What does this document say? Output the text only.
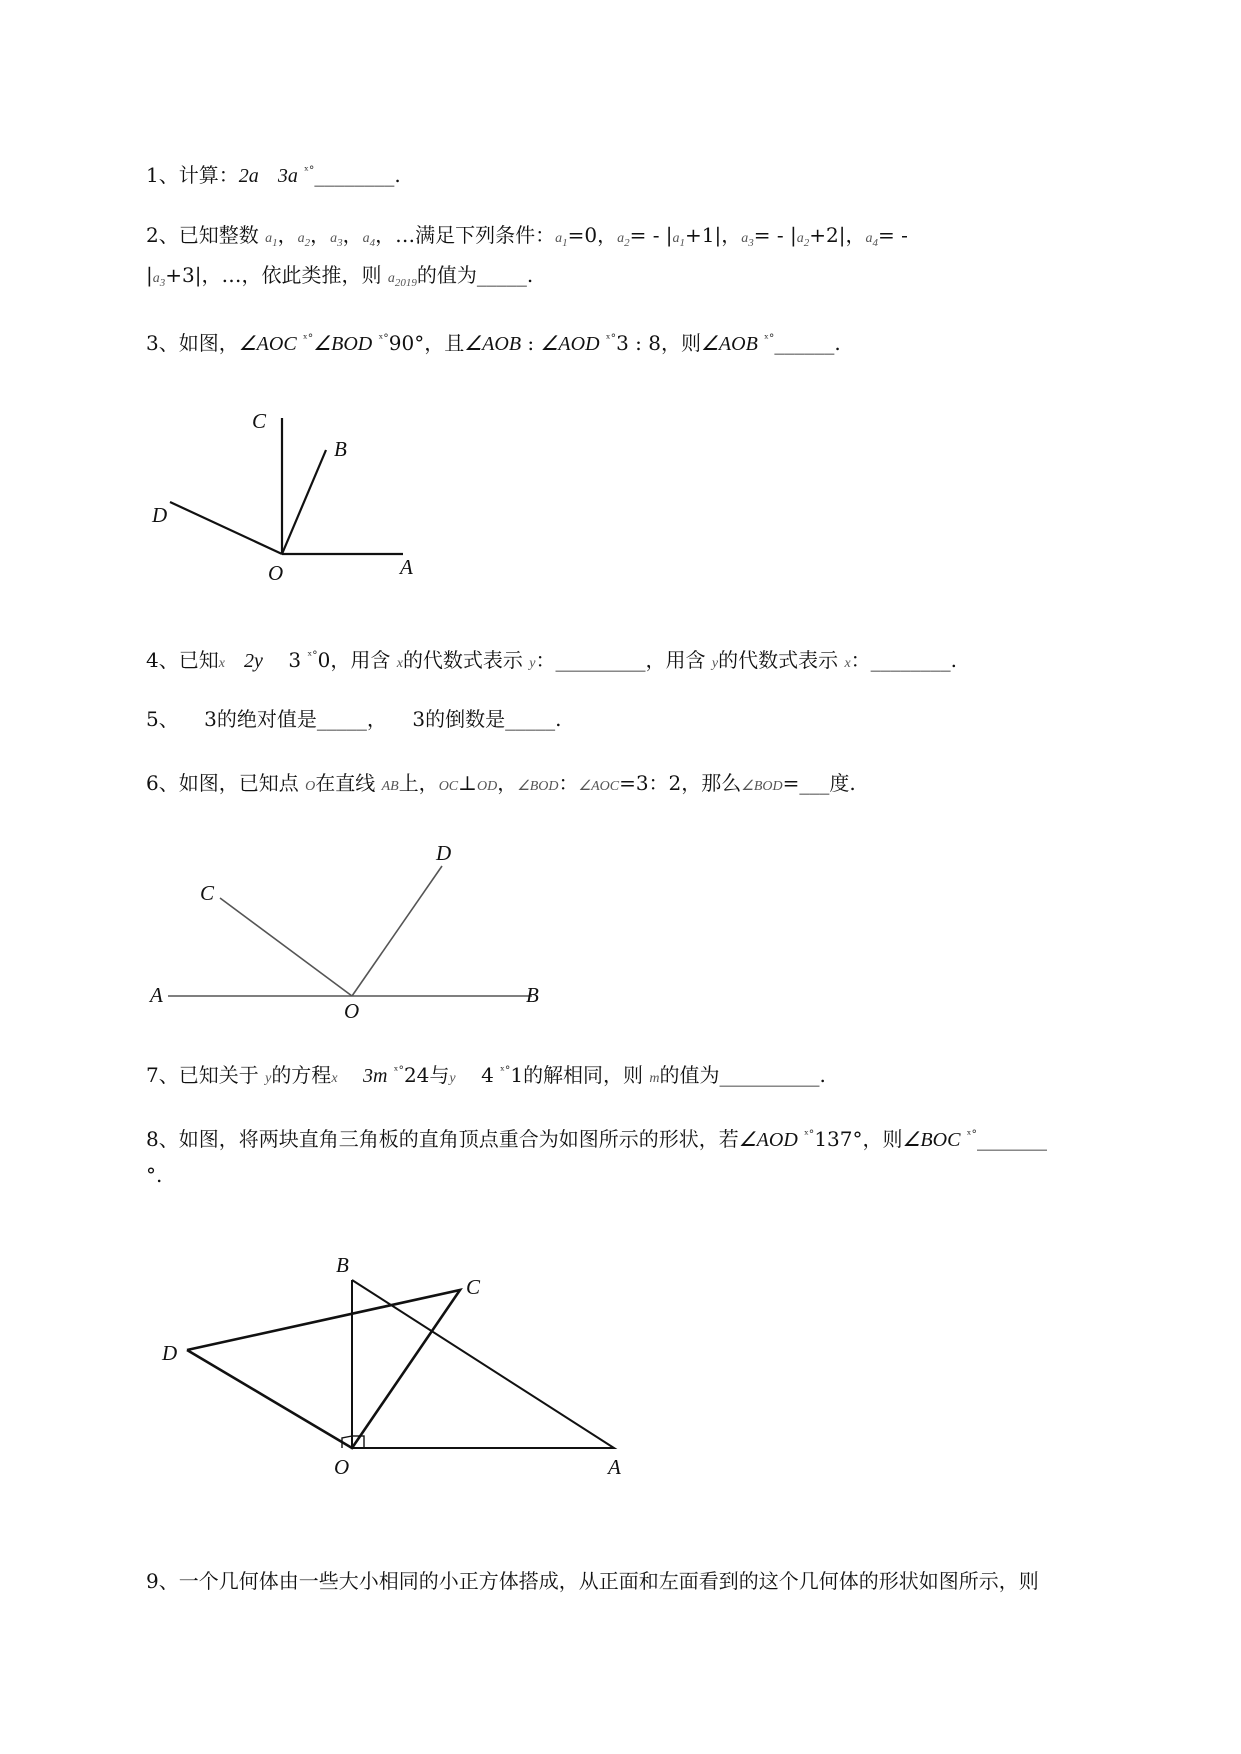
1、计算：2a 3a $^{ˣ^\circ}$________.
2、已知整数 $a_1$，$a_2$，$a_3$，$a_4$，…满足下列条件：$a_1=0$，$a_2= - |a_1+1|$，$a_3= - |a_2+2|$，$a_4=$ -
$|a_3+3|$，…，依此类推，则 $a_{2019}$的值为_____.
3、如图，∠AOC $^{ˣ^\circ}$∠BOD $^{ˣ^\circ}$90°，且∠AOB : ∠AOD $^{ˣ^\circ}$3 : 8，则∠AOB $^{ˣ^\circ}$______.
C
B
D
O	A
4、已知x 2y 3 $^{ˣ^\circ}$0，用含 x的代数式表示 y：_________，用含 y的代数式表示 x：________.
5、 3的绝对值是_____， 3的倒数是_____.
6、如图，已知点 O在直线 AB上，OC⊥OD，∠BOD：∠AOC=3：2，那么∠BOD=___度.
D
C
A
O
B
7、已知关于 y的方程x 3m $^{ˣ^\circ}$24与y 4 $^{ˣ^\circ}$1的解相同，则 m的值为__________.
8、如图，将两块直角三角板的直角顶点重合为如图所示的形状，若∠AOD $^{ˣ^\circ}$137°，则∠BOC $^{ˣ^\circ}$_______
°.
B
C
D
O	A
9、一个几何体由一些大小相同的小正方体搭成，从正面和左面看到的这个几何体的形状如图所示，则
